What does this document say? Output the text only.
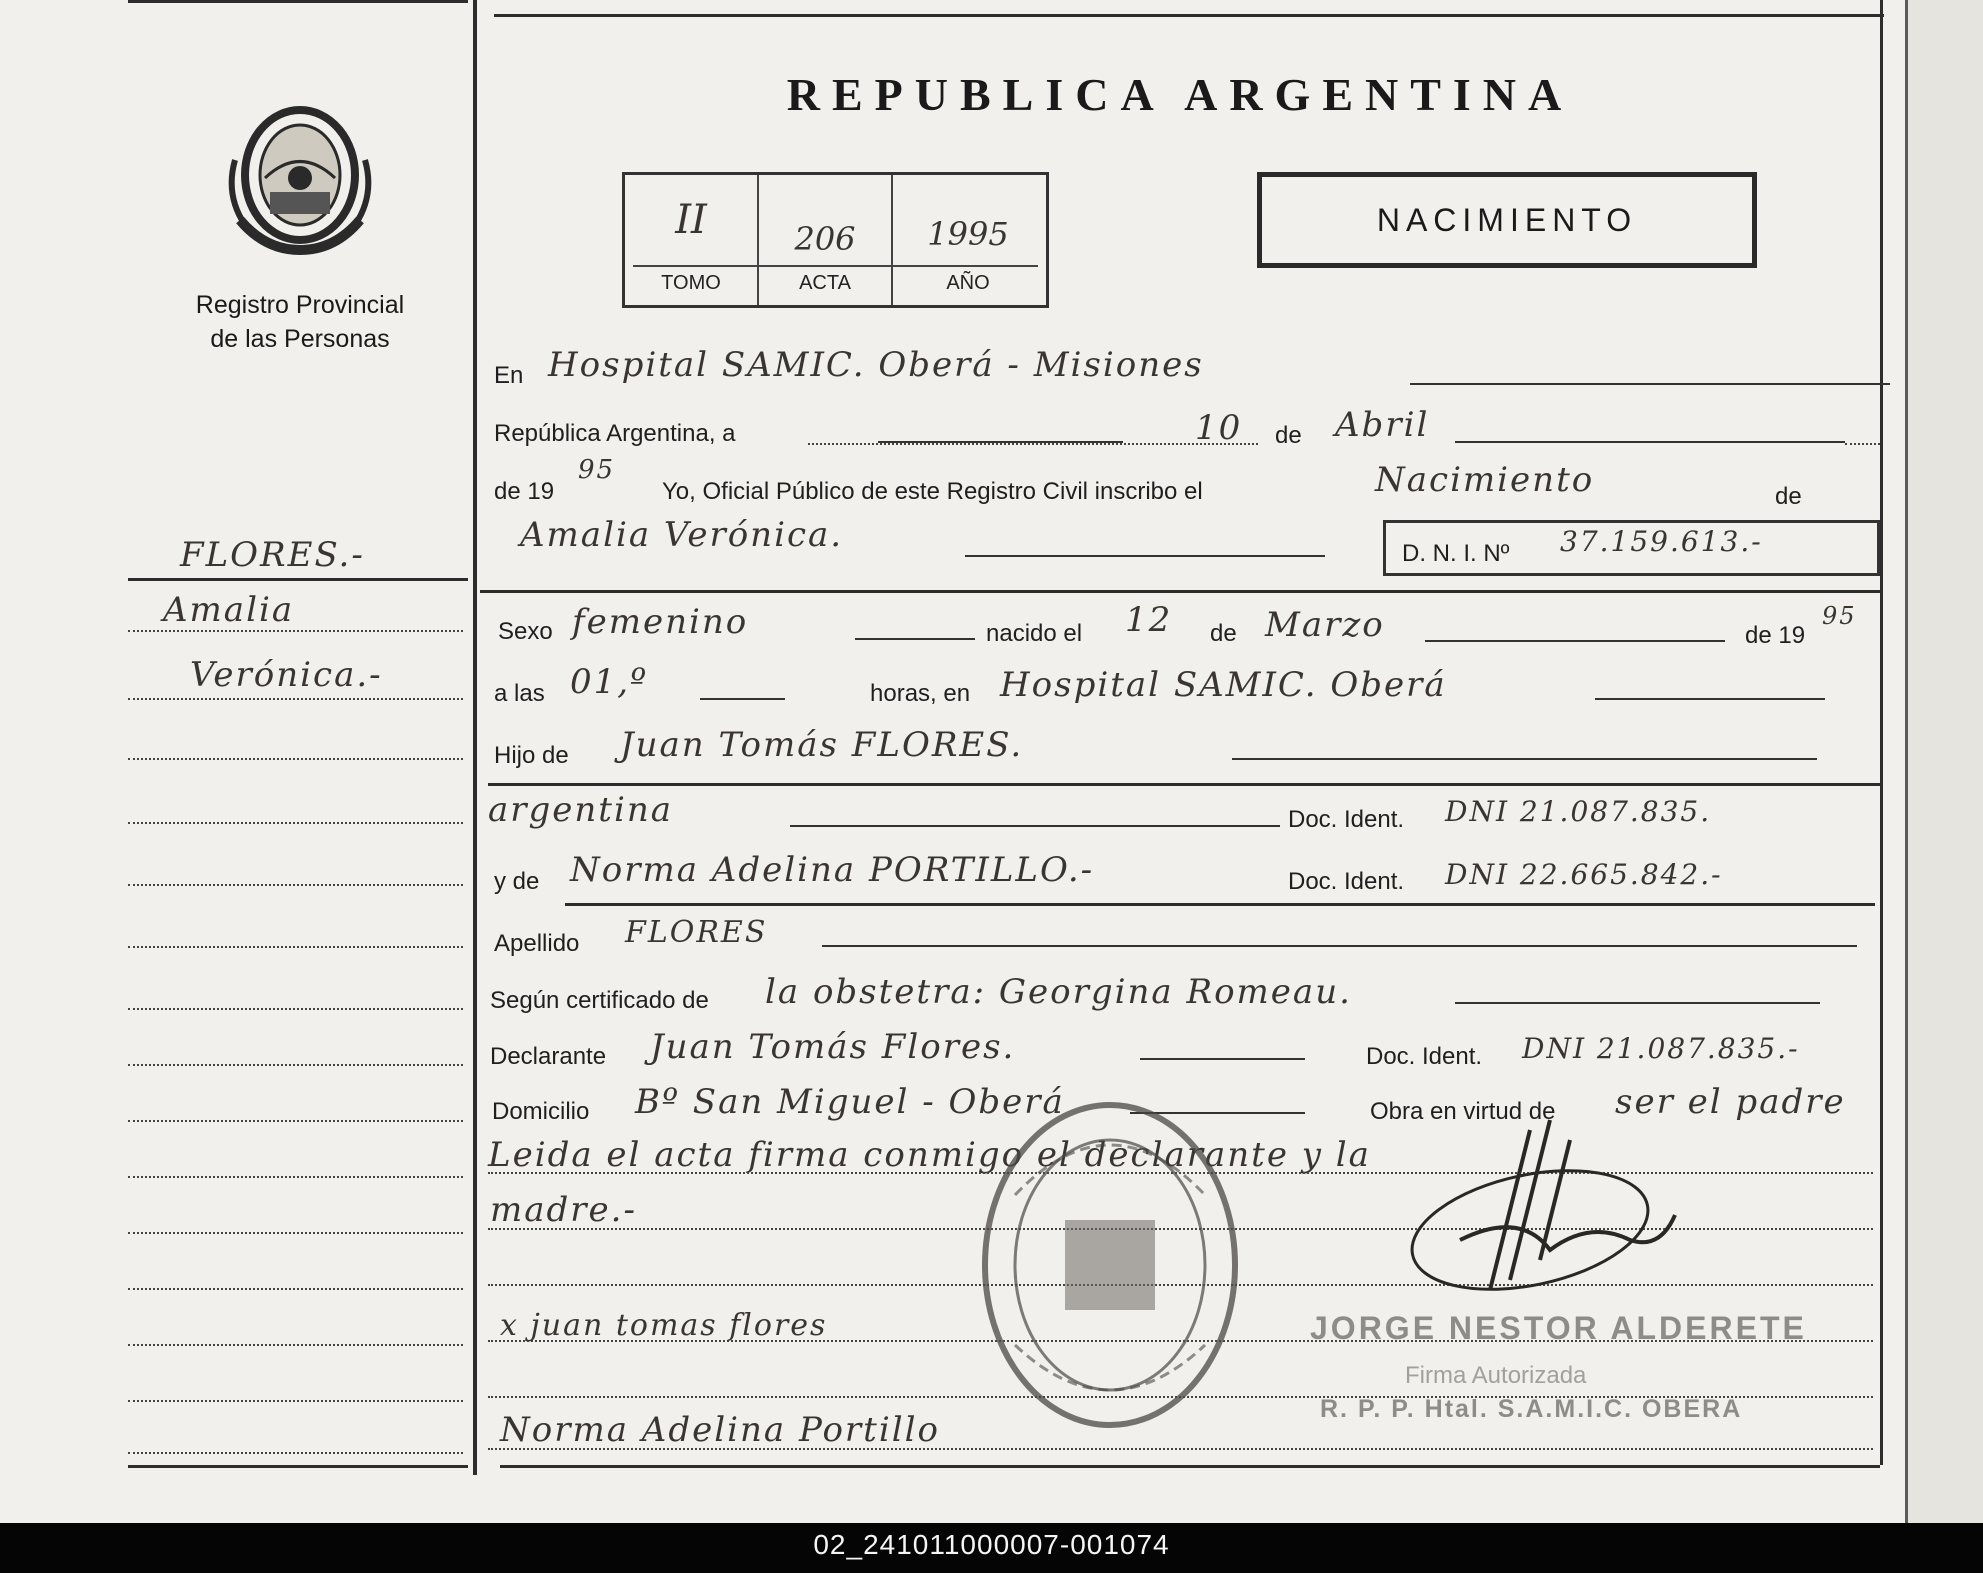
Registro Provincial
de las Personas
REPUBLICA ARGENTINA
II	206	1995
TOMO	ACTA	AÑO
NACIMIENTO
FLORES.-
Amalia
Verónica.-
En Hospital SAMIC. Oberá - Misiones
República Argentina, a	10 de Abril
de 19
95
Yo, Oficial Público de este Registro Civil inscribo el	Nacimiento	de
Amalia Verónica.	D. N. I. Nº 37.159.613.-
Sexo femenino	nacido el 12 de Marzo	de 19
95
a las 01,º	horas, en Hospital SAMIC. Oberá
Hijo de Juan Tomás FLORES.
argentina	Doc. Ident. DNI 21.087.835.
y de Norma Adelina PORTILLO.-	Doc. Ident. DNI 22.665.842.-
Apellido FLORES
Según certificado de la obstetra: Georgina Romeau.
Declarante Juan Tomás Flores.	Doc. Ident. DNI 21.087.835.-
Domicilio Bº San Miguel - Oberá	Obra en virtud de ser el padre
Leida el acta firma conmigo el declarante y la
madre.-
x juan tomas flores
Norma Adelina Portillo
JORGE NESTOR ALDERETE
Firma Autorizada
R. P. P. Htal. S.A.M.I.C. OBERA
02_241011000007-001074
